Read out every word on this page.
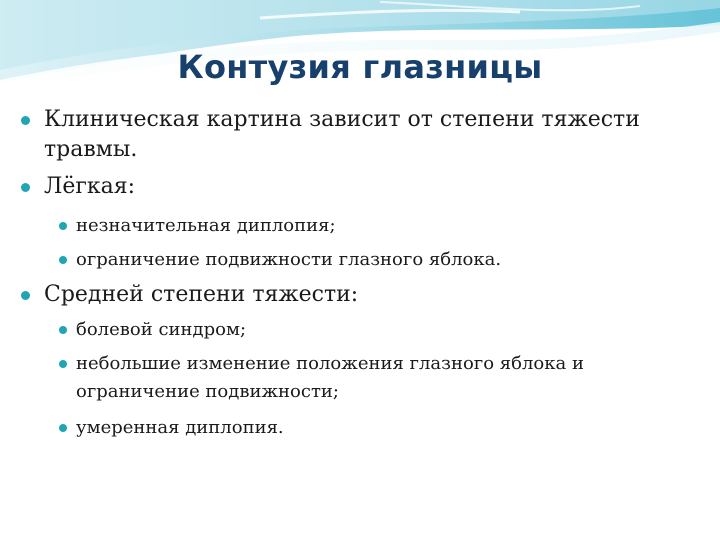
Контузия глазницы
Клиническая картина зависит от степени тяжести травмы.
Лёгкая:
незначительная диплопия;
ограничение подвижности глазного яблока.
Средней степени тяжести:
болевой синдром;
небольшие изменение положения глазного яблока и ограничение подвижности;
умеренная диплопия.
